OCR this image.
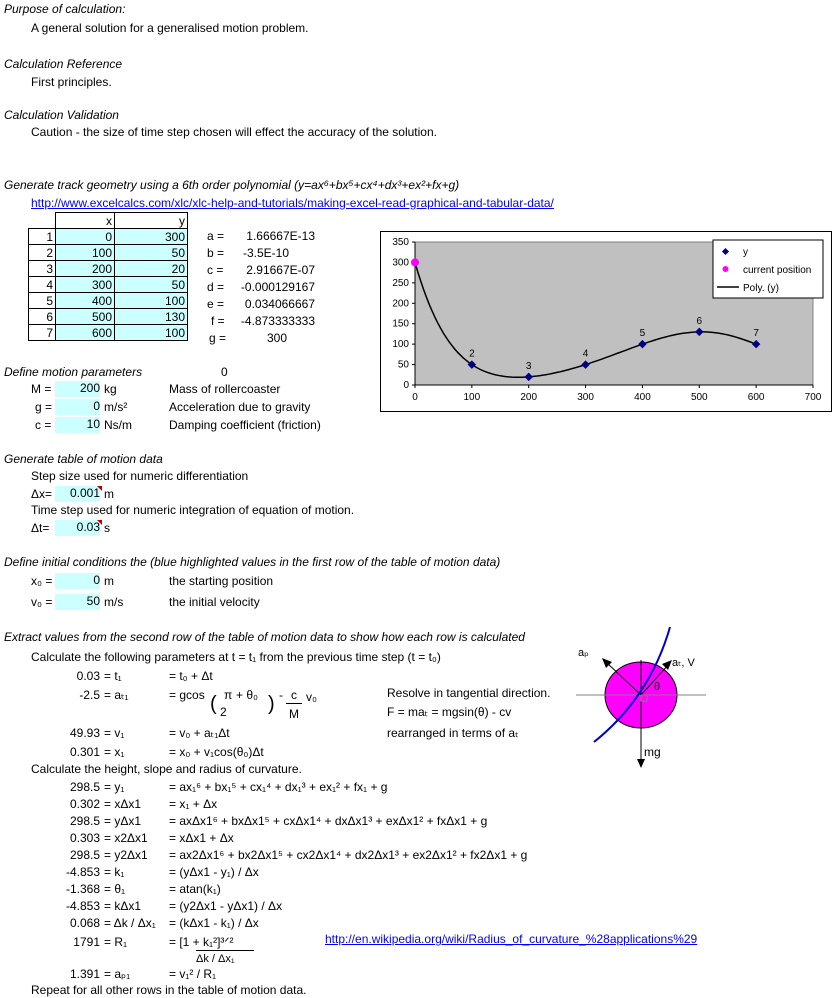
Purpose of calculation:
A general solution for a generalised motion problem.
Calculation Reference
First principles.
Calculation Validation
Caution - the size of time step chosen will effect the accuracy of the solution.
Generate track geometry using a 6th order polynomial (y=ax⁶+bx⁵+cx⁴+dx³+ex²+fx+g)
http://www.excelcalcs.com/xlc/xlc-help-and-tutorials/making-excel-read-graphical-and-tabular-data/
	x	y
1	0	300
2	100	50
3	200	20
4	300	50
5	400	100
6	500	130
7	600	100
a =	1.66667E-13
b =	-3.5E-10
c =	2.91667E-07
d =	-0.000129167
e =	0.034066667
f =	-4.873333333
g =	300
0
50
100
150
200
250
300
350
0	100	200	300	400	500	600	700
2
3
4
5
6
7
y
current position
Poly. (y)
Define motion parameters	0
M =	200 kg	Mass of rollercoaster
g =	0 m/s²	Acceleration due to gravity
c =	10 Ns/m	Damping coefficient (friction)
Generate table of motion data
Step size used for numeric differentiation
Δx=	0.001 m
Time step used for numeric integration of equation of motion.
Δt=	0.03 s
Define initial conditions the (blue highlighted values in the first row of the table of motion data)
x₀ =	0 m	the starting position
v₀ =	50 m/s	the initial velocity
Extract values from the second row of the table of motion data to show how each row is calculated
Calculate the following parameters at t = t₁ from the previous time step (t = t₀)
0.03 = t₁	= t₀ + Δt
-2.5 = aₜ₁	= gcos ( π + θ₀
2 ) - c
M
v₀	Resolve in tangential direction.
F = maₜ = mgsin(θ) - cv
rearranged in terms of aₜ
49.93 = v₁	= v₀ + aₜ₁Δt
0.301 = x₁	= x₀ + v₁cos(θ₀)Δt
Calculate the height, slope and radius of curvature.
298.5 = y₁	= ax₁⁶ + bx₁⁵ + cx₁⁴ + dx₁³ + ex₁² + fx₁ + g
0.302 = xΔx1 = x₁ + Δx
298.5 = yΔx1 = axΔx1⁶ + bxΔx1⁵ + cxΔx1⁴ + dxΔx1³ + exΔx1² + fxΔx1 + g
0.303 = x2Δx1 = xΔx1 + Δx
298.5 = y2Δx1 = ax2Δx1⁶ + bx2Δx1⁵ + cx2Δx1⁴ + dx2Δx1³ + ex2Δx1² + fx2Δx1 + g
-4.853 = k₁	= (yΔx1 - y₁) / Δx
-1.368 = θ₁	= atan(k₁)
-4.853 = kΔx1 = (y2Δx1 - yΔx1) / Δx
0.068 = Δk / Δx₁ = (kΔx1 - k₁) / Δx
1791 = R₁	= [1 + k₁²]³ᐟ²
1.391 = aₚ₁	= v₁² / R₁
Δk / Δx₁
http://en.wikipedia.org/wiki/Radius_of_curvature_%28applications%29
Repeat for all other rows in the table of motion data.
aₚ
aₜ, V
θ
mg
